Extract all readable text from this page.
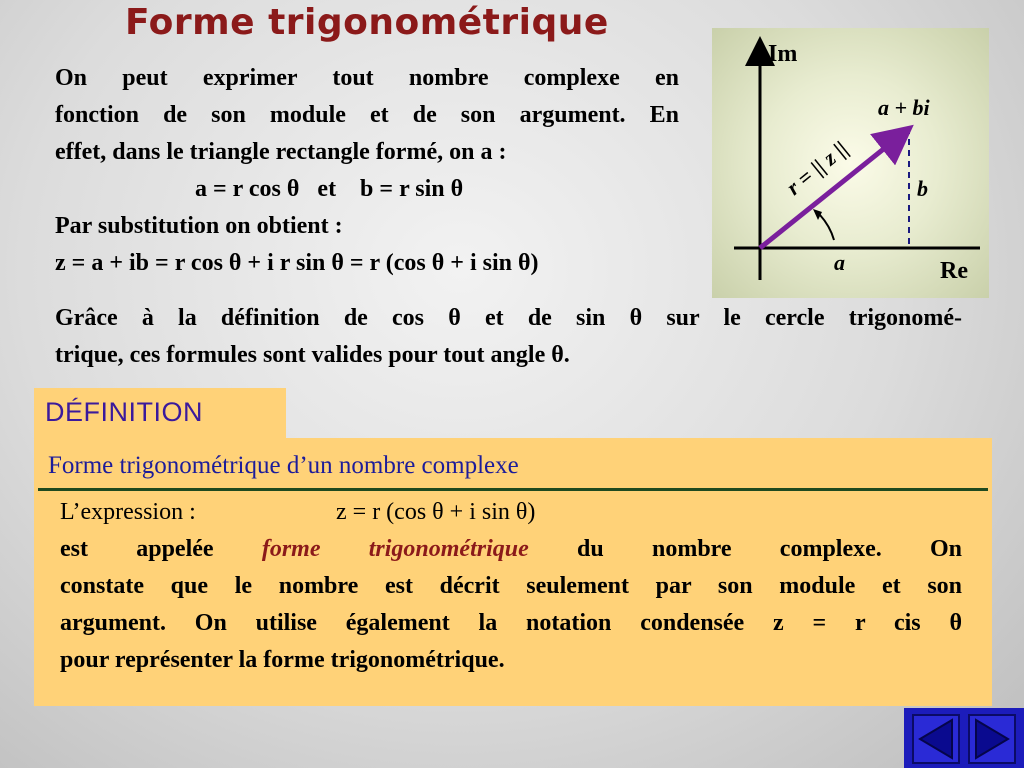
Forme trigonométrique
On peut exprimer tout nombre complexe en
fonction de son module et de son argument. En
effet, dans le triangle rectangle formé, on a :
a = r cos θ   et    b = r sin θ
Par substitution on obtient :
z = a + ib = r cos θ + i r sin θ = r (cos θ + i sin θ)
Im
Re
a + bi
b
a
r = || z ||
Grâce à la définition de cos θ et de sin θ sur le cercle trigonomé-
trique, ces formules sont valides pour tout angle θ.
DÉFINITION
Forme trigonométrique d’un nombre complexe
L’expression :	z = r (cos θ + i sin θ)
est appelée forme trigonométrique du nombre complexe. On
constate que le nombre est décrit seulement par son module et son
argument. On utilise également la notation condensée z = r cis θ
pour représenter la forme trigonométrique.
